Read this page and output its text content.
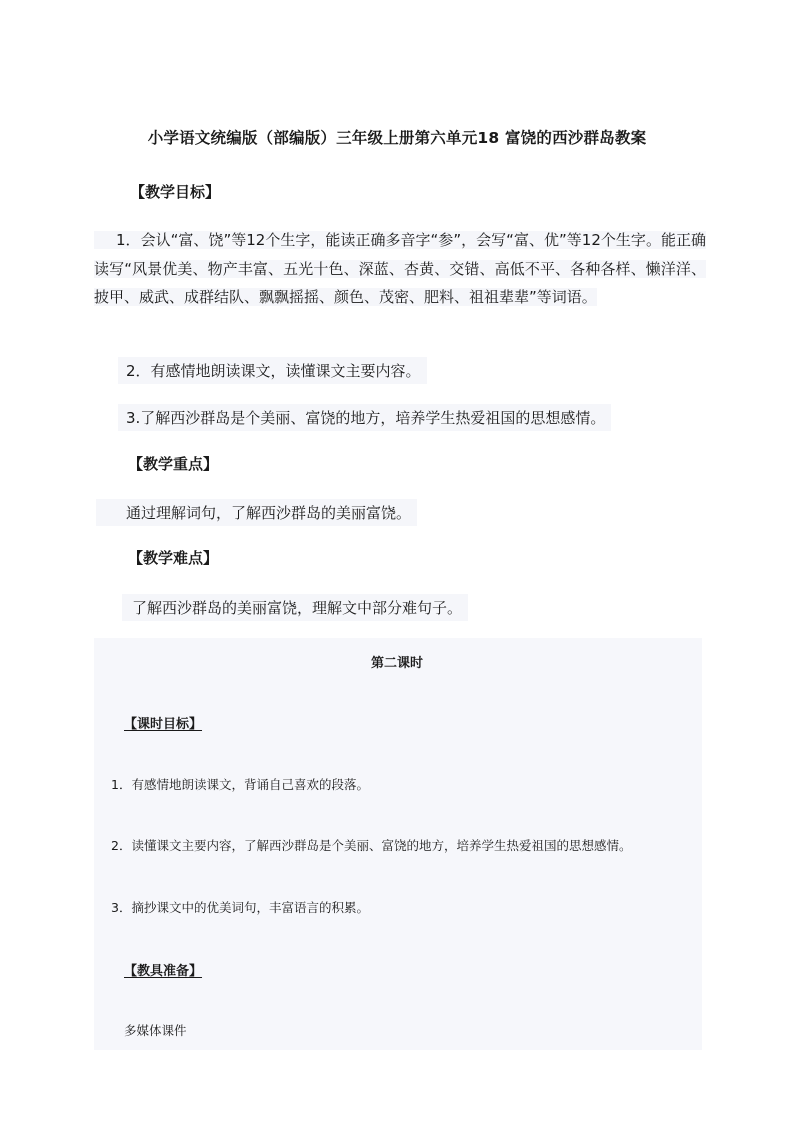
小学语文统编版（部编版）三年级上册第六单元18 富饶的西沙群岛教案
【教学目标】
1．会认“富、饶”等12个生字，能读正确多音字“参”，会写“富、优”等12个生字。能正确读写“风景优美、物产丰富、五光十色、深蓝、杏黄、交错、高低不平、各种各样、懒洋洋、披甲、威武、成群结队、飘飘摇摇、颜色、茂密、肥料、祖祖辈辈”等词语。
2．有感情地朗读课文，读懂课文主要内容。
3.了解西沙群岛是个美丽、富饶的地方，培养学生热爱祖国的思想感情。
【教学重点】
通过理解词句，了解西沙群岛的美丽富饶。
【教学难点】
了解西沙群岛的美丽富饶，理解文中部分难句子。
第二课时
【课时目标】
1．有感情地朗读课文，背诵自己喜欢的段落。
2．读懂课文主要内容，了解西沙群岛是个美丽、富饶的地方，培养学生热爱祖国的思想感情。
3．摘抄课文中的优美词句，丰富语言的积累。
【教具准备】
多媒体课件
